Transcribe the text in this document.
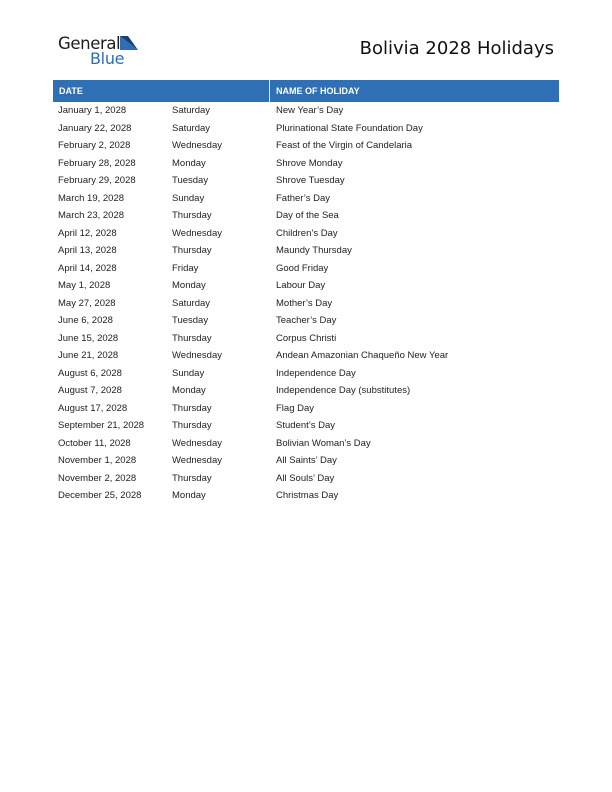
General
Blue	Bolivia 2028 Holidays
DATE	NAME OF HOLIDAY
January 1, 2028	Saturday	New Year’s Day
January 22, 2028	Saturday	Plurinational State Foundation Day
February 2, 2028	Wednesday	Feast of the Virgin of Candelaria
February 28, 2028	Monday	Shrove Monday
February 29, 2028	Tuesday	Shrove Tuesday
March 19, 2028	Sunday	Father’s Day
March 23, 2028	Thursday	Day of the Sea
April 12, 2028	Wednesday	Children’s Day
April 13, 2028	Thursday	Maundy Thursday
April 14, 2028	Friday	Good Friday
May 1, 2028	Monday	Labour Day
May 27, 2028	Saturday	Mother’s Day
June 6, 2028	Tuesday	Teacher’s Day
June 15, 2028	Thursday	Corpus Christi
June 21, 2028	Wednesday	Andean Amazonian Chaqueño New Year
August 6, 2028	Sunday	Independence Day
August 7, 2028	Monday	Independence Day (substitutes)
August 17, 2028	Thursday	Flag Day
September 21, 2028	Thursday	Student’s Day
October 11, 2028	Wednesday	Bolivian Woman’s Day
November 1, 2028	Wednesday	All Saints’ Day
November 2, 2028	Thursday	All Souls’ Day
December 25, 2028	Monday	Christmas Day
